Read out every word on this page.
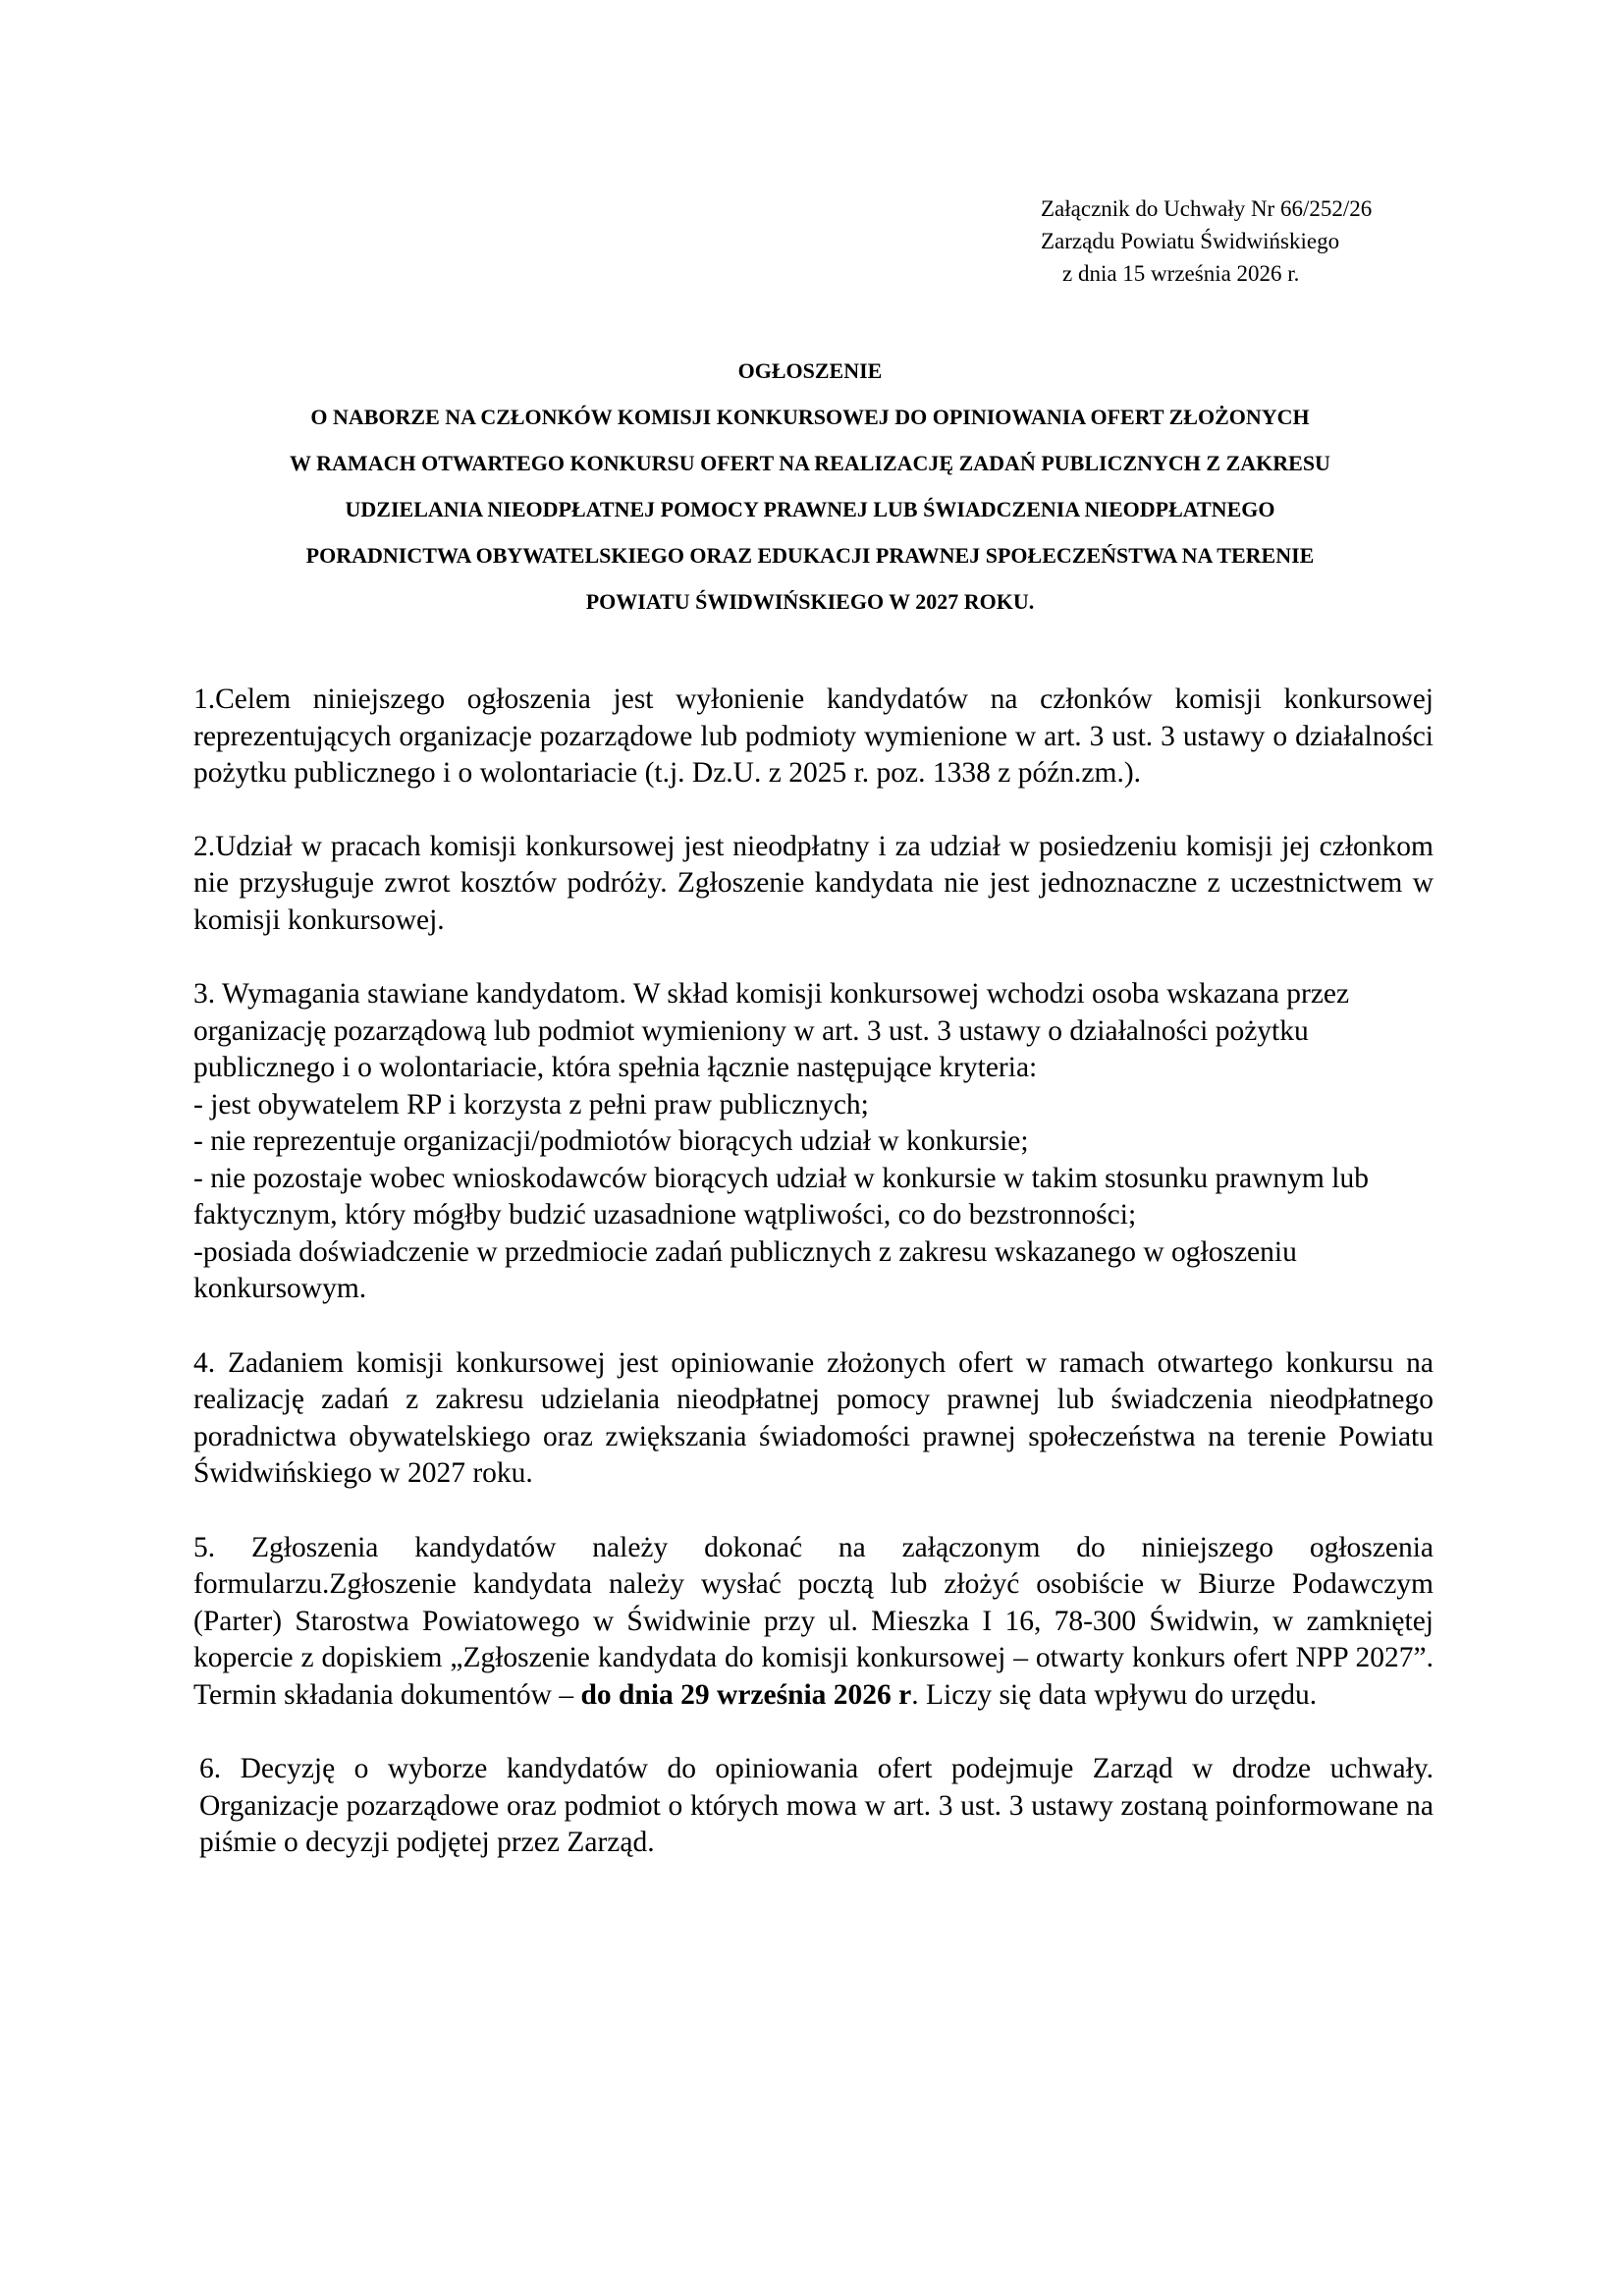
Załącznik do Uchwały Nr 66/252/26
Zarządu Powiatu Świdwińskiego
z dnia 15 września 2026 r.
OGŁOSZENIE
O NABORZE NA CZŁONKÓW KOMISJI KONKURSOWEJ DO OPINIOWANIA OFERT ZŁOŻONYCH
W RAMACH OTWARTEGO KONKURSU OFERT NA REALIZACJĘ ZADAŃ PUBLICZNYCH Z ZAKRESU
UDZIELANIA NIEODPŁATNEJ POMOCY PRAWNEJ LUB ŚWIADCZENIA NIEODPŁATNEGO
PORADNICTWA OBYWATELSKIEGO ORAZ EDUKACJI PRAWNEJ SPOŁECZEŃSTWA NA TERENIE
POWIATU ŚWIDWIŃSKIEGO W 2027 ROKU.

1.Celem niniejszego ogłoszenia jest wyłonienie kandydatów na członków komisji konkursowej reprezentujących organizacje pozarządowe lub podmioty wymienione w art. 3 ust. 3 ustawy o działalności pożytku publicznego i o wolontariacie (t.j. Dz.U. z 2025 r. poz. 1338 z późn.zm.).

2.Udział w pracach komisji konkursowej jest nieodpłatny i za udział w posiedzeniu komisji jej członkom nie przysługuje zwrot kosztów podróży. Zgłoszenie kandydata nie jest jednoznaczne z uczestnictwem w komisji konkursowej.

3. Wymagania stawiane kandydatom. W skład komisji konkursowej wchodzi osoba wskazana przez organizację pozarządową lub podmiot wymieniony w art. 3 ust. 3 ustawy o działalności pożytku publicznego i o wolontariacie, która spełnia łącznie następujące kryteria:
- jest obywatelem RP i korzysta z pełni praw publicznych;
- nie reprezentuje organizacji/podmiotów biorących udział w konkursie;
- nie pozostaje wobec wnioskodawców biorących udział w konkursie w takim stosunku prawnym lub faktycznym, który mógłby budzić uzasadnione wątpliwości, co do bezstronności;
-posiada doświadczenie w przedmiocie zadań publicznych z zakresu wskazanego w ogłoszeniu konkursowym.

4. Zadaniem komisji konkursowej jest opiniowanie złożonych ofert w ramach otwartego konkursu na realizację zadań z zakresu udzielania nieodpłatnej pomocy prawnej lub świadczenia nieodpłatnego poradnictwa obywatelskiego oraz zwiększania świadomości prawnej społeczeństwa na terenie Powiatu Świdwińskiego w 2027 roku.

5. Zgłoszenia kandydatów należy dokonać na załączonym do niniejszego ogłoszenia formularzu.Zgłoszenie kandydata należy wysłać pocztą lub złożyć osobiście w Biurze Podawczym (Parter) Starostwa Powiatowego w Świdwinie przy ul. Mieszka I 16, 78-300 Świdwin, w zamkniętej kopercie z dopiskiem „Zgłoszenie kandydata do komisji konkursowej – otwarty konkurs ofert NPP 2027”. Termin składania dokumentów – do dnia 29 września 2026 r. Liczy się data wpływu do urzędu.

6. Decyzję o wyborze kandydatów do opiniowania ofert podejmuje Zarząd w drodze uchwały. Organizacje pozarządowe oraz podmiot o których mowa w art. 3 ust. 3 ustawy zostaną poinformowane na piśmie o decyzji podjętej przez Zarząd.
